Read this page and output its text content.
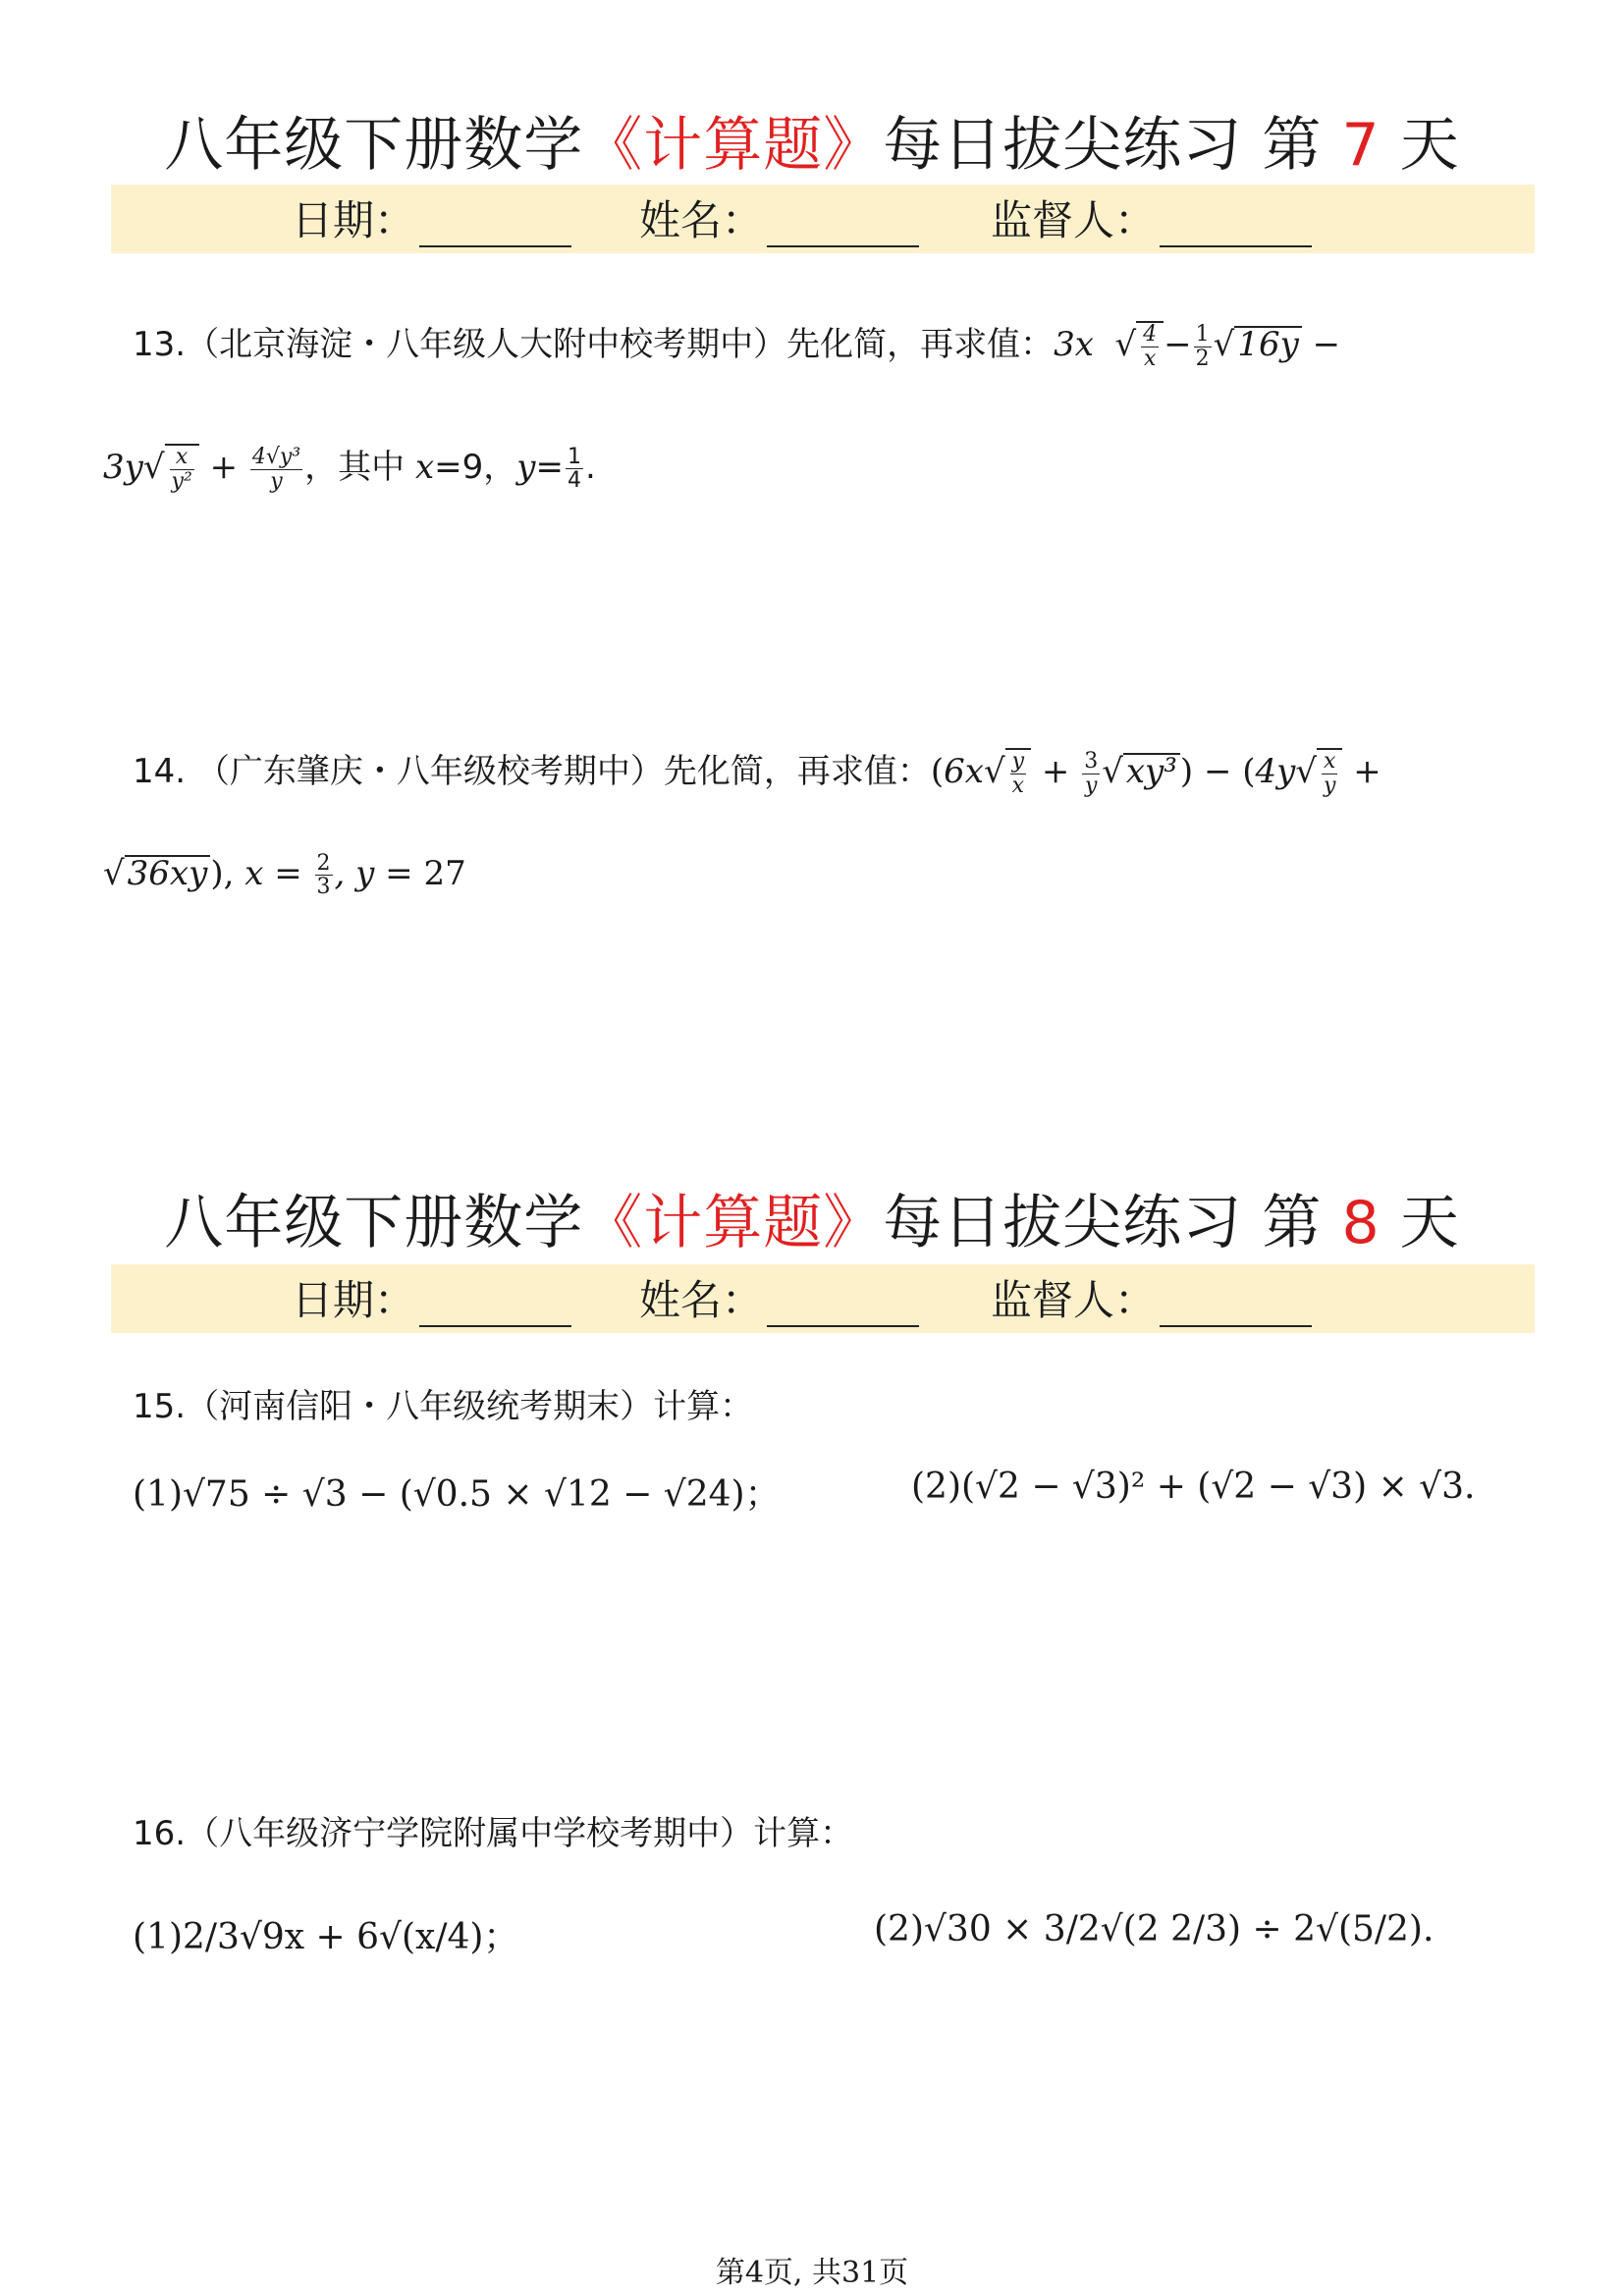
八年级下册数学《计算题》每日拔尖练习 第 7 天
日期：	姓名：	监督人：
13.（北京海淀・八年级人大附中校考期中）先化简，再求值：3x  √ $\frac{4}{x} - \frac{1}{2} √16y$ −
$3y√ \frac{x}{\text{y²}} + \frac{\text{4√y³}}{y}$ ，其中 x=9，$y= \frac{1}{4}$ .
14. （广东肇庆・八年级校考期中）先化简，再求值：$(6x√ \frac{y}{x} + \frac{3}{y} √xy^3) - (4y√ \frac{x}{y}$ +
√36xy), $x = \frac{2}{3}$ , y = 27
八年级下册数学《计算题》每日拔尖练习 第 8 天
日期：	姓名：	监督人：
15.（河南信阳・八年级统考期末）计算：
(1)√75 ÷ √3 − (√0.5 × √12 − √24)；	(2)(√2 − √3)² + (√2 − √3) × √3.
16.（八年级济宁学院附属中学校考期中）计算：
(1)2/3√9x + 6√(x/4)；	(2)√30 × 3/2√(2 2/3) ÷ 2√(5/2).
第4页, 共31页
